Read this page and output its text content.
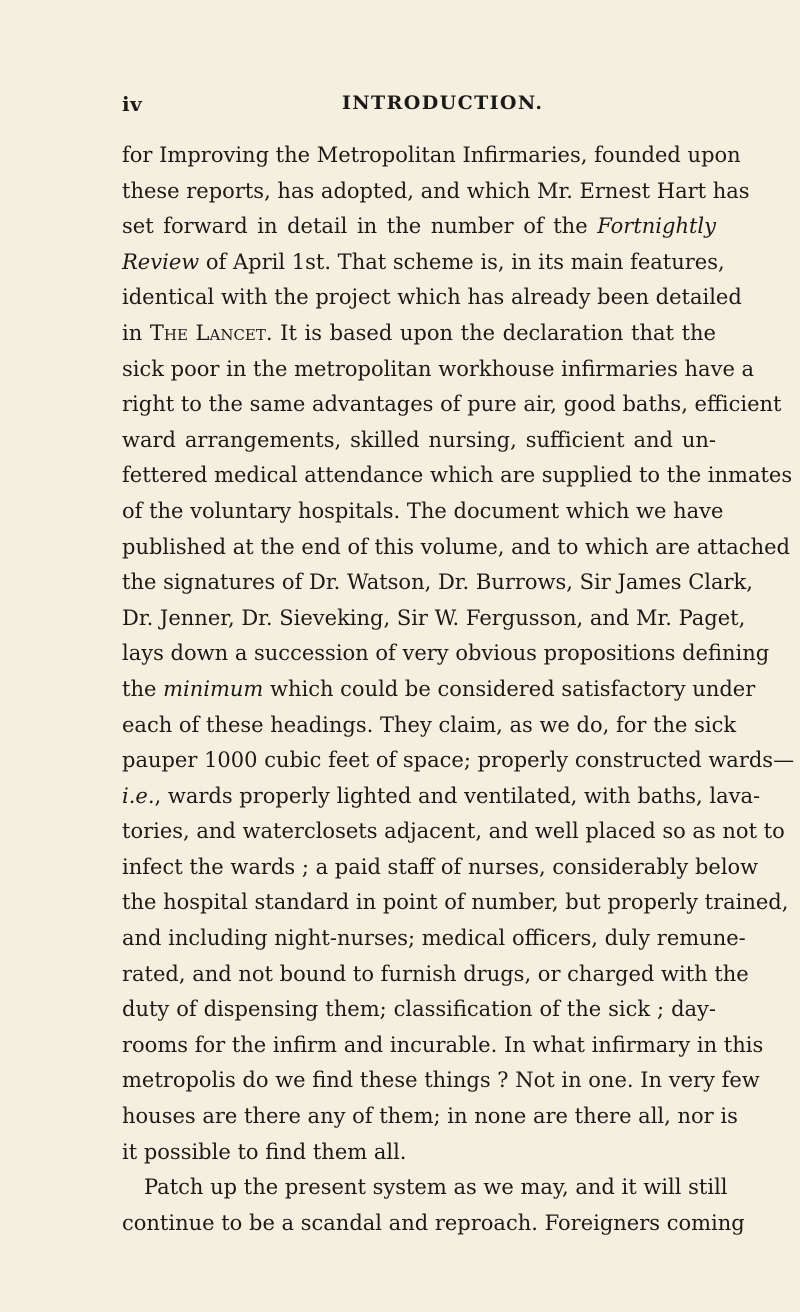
iv	INTRODUCTION.
for Improving the Metropolitan Infirmaries, founded upon
these reports, has adopted, and which Mr. Ernest Hart has
set forward in detail in the number of the Fortnightly
Review of April 1st. That scheme is, in its main features,
identical with the project which has already been detailed
in The Lancet. It is based upon the declaration that the
sick poor in the metropolitan workhouse infirmaries have a
right to the same advantages of pure air, good baths, efficient
ward arrangements, skilled nursing, sufficient and un-
fettered medical attendance which are supplied to the inmates
of the voluntary hospitals. The document which we have
published at the end of this volume, and to which are attached
the signatures of Dr. Watson, Dr. Burrows, Sir James Clark,
Dr. Jenner, Dr. Sieveking, Sir W. Fergusson, and Mr. Paget,
lays down a succession of very obvious propositions defining
the minimum which could be considered satisfactory under
each of these headings. They claim, as we do, for the sick
pauper 1000 cubic feet of space; properly constructed wards—
i.e., wards properly lighted and ventilated, with baths, lava-
tories, and waterclosets adjacent, and well placed so as not to
infect the wards ; a paid staff of nurses, considerably below
the hospital standard in point of number, but properly trained,
and including night-nurses; medical officers, duly remune-
rated, and not bound to furnish drugs, or charged with the
duty of dispensing them; classification of the sick ; day-
rooms for the infirm and incurable. In what infirmary in this
metropolis do we find these things ? Not in one. In very few
houses are there any of them; in none are there all, nor is
it possible to find them all.
Patch up the present system as we may, and it will still
continue to be a scandal and reproach. Foreigners coming
